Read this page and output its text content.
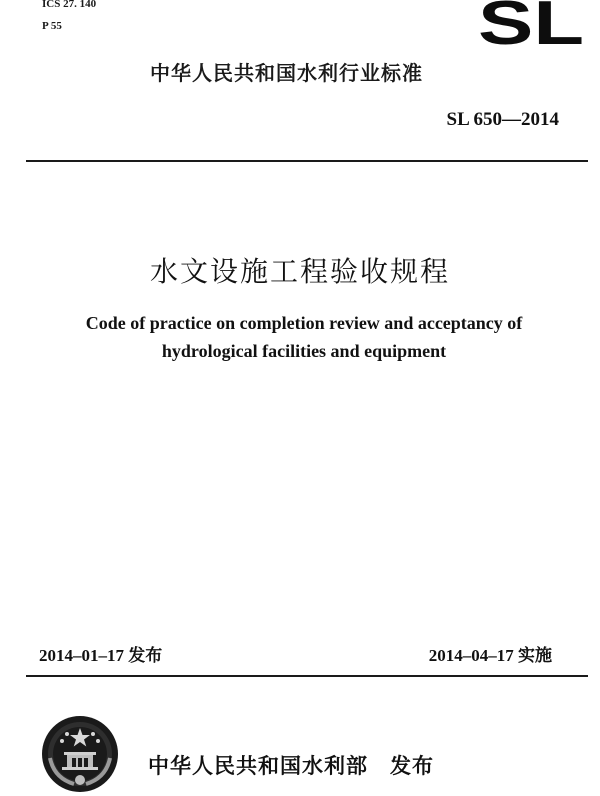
ICS 27. 140
P 55	SL
中华人民共和国水利行业标准
SL 650—2014
水文设施工程验收规程
Code of practice on completion review and acceptancy of
hydrological facilities and equipment
2014–01–17 发布	2014–04–17 实施
中华人民共和国水利部 发布
